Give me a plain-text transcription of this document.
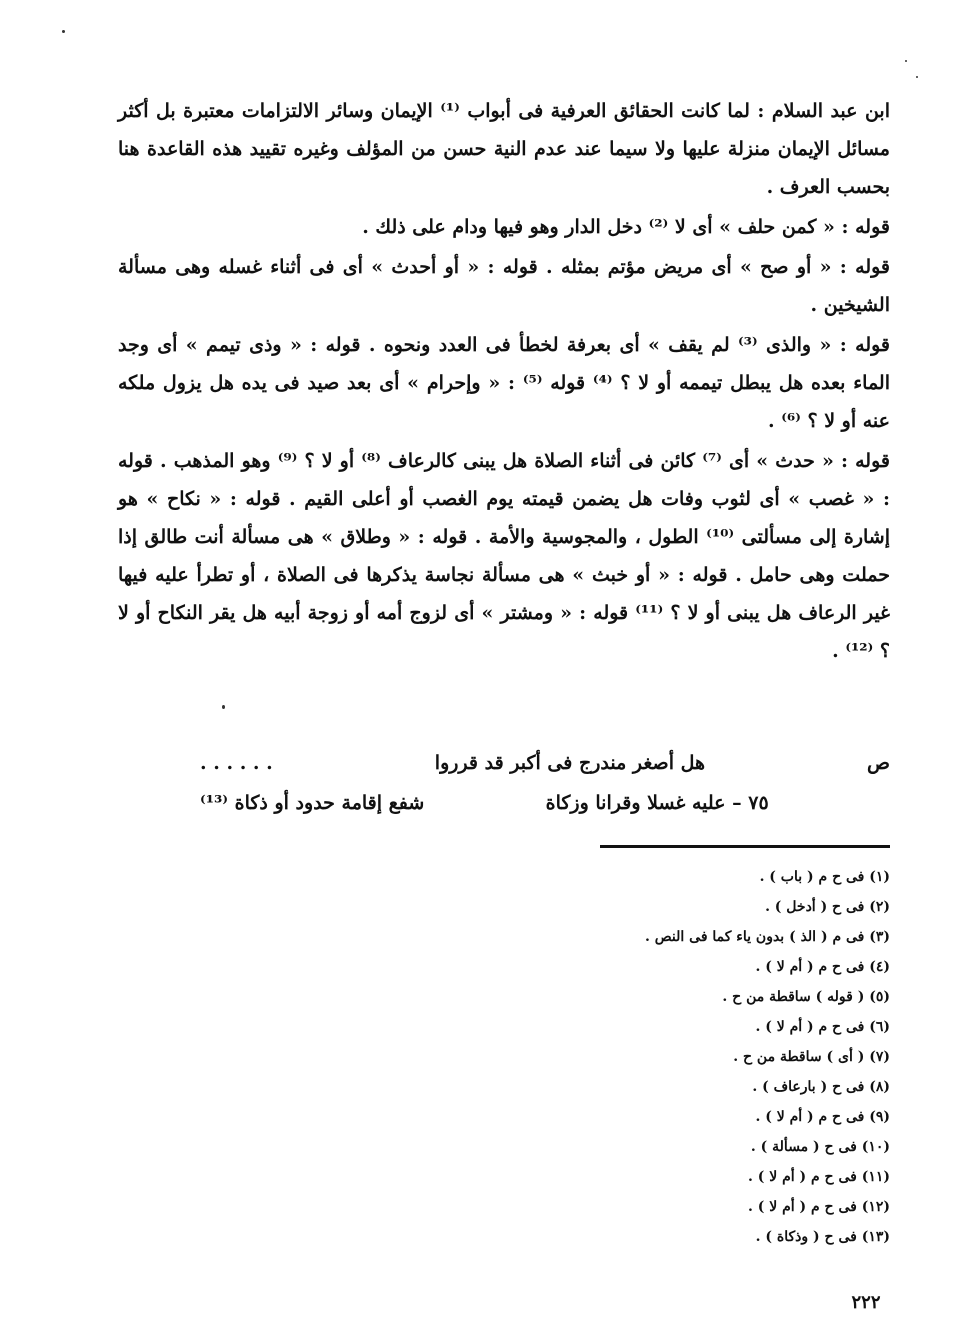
ابن عبد السلام : لما كانت الحقائق العرفية فى أبواب ⁽¹⁾ الإيمان وسائر الالتزامات معتبرة بل أكثر مسائل الإيمان منزلة عليها ولا سيما عند عدم النية حسن من المؤلف وغيره تقييد هذه القاعدة هنا بحسب العرف .

قوله : « كمن حلف » أى لا ⁽²⁾ دخل الدار وهو فيها ودام على ذلك .

قوله : « أو صح » أى مريض مؤتم بمثله . قوله : « أو أحدث » أى فى أثناء غسله وهى مسألة الشيخين .

قوله : « والذى ⁽³⁾ لم يقف » أى بعرفة لخطأ فى العدد ونحوه . قوله : « وذى تيمم » أى وجد الماء بعده هل يبطل تيممه أو لا ؟ ⁽⁴⁾ قوله ⁽⁵⁾ : « وإحرام » أى بعد صيد فى يده هل يزول ملكه عنه أو لا ؟ ⁽⁶⁾ .

قوله : « حدث » أى ⁽⁷⁾ كائن فى أثناء الصلاة هل يبنى كالرعاف ⁽⁸⁾ أو لا ؟ ⁽⁹⁾ وهو المذهب . قوله : « غصب » أى لثوب وفات هل يضمن قيمته يوم الغصب أو أعلى القيم . قوله : « نكاح » هو إشارة إلى مسألتى ⁽¹⁰⁾ الطول ، والمجوسية والأمة . قوله : « وطلاق » هى مسألة أنت طالق إذا حملت وهى حامل . قوله : « أو خبث » هى مسألة نجاسة يذكرها فى الصلاة ، أو تطرأ عليه فيها غير الرعاف هل يبنى أو لا ؟ ⁽¹¹⁾ قوله : « ومشتر » أى لزوج أمه أو زوجة أبيه هل يقر النكاح أو لا ؟ ⁽¹²⁾ .

ص
هل أصغر مندرج فى أكبر قد قرروا
. . . . . .
٧٥ – عليه غسلا وقرانا وزكاة
شفع إقامة حدود أو ذكاة ⁽¹³⁾
(١) فى ح م ( باب ) .
(٢) فى ح ( أدخل ) .
(٣) فى م ( الذ ) بدون ياء كما فى النص .
(٤) فى ح م ( أم لا ) .
(٥) ( قوله ) ساقطة من ح .
(٦) فى ح م ( أم لا ) .
(٧) ( أى ) ساقطة من ح .
(٨) فى ح ( بارعاف ) .
(٩) فى ح م ( أم لا ) .
(١٠) فى ح ( مسألة ) .
(١١) فى ح م ( أم لا ) .
(١٢) فى ح م ( أم لا ) .
(١٣) فى ح ( وذكاة ) .
٢٢٢
